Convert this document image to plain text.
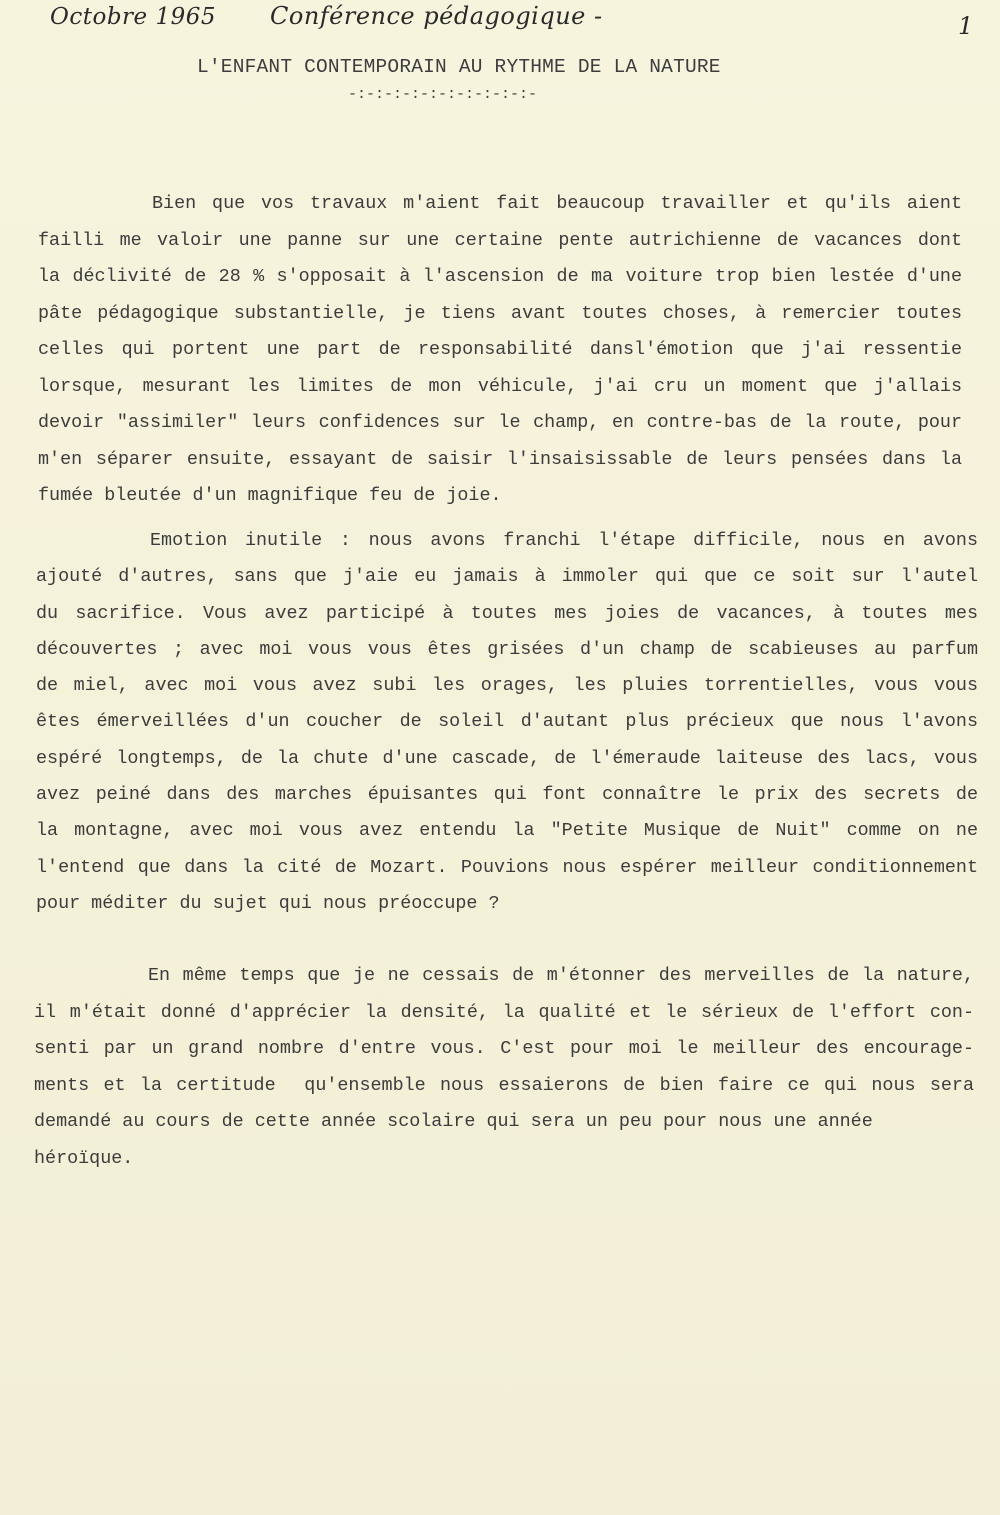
Octobre 1965 Conférence pédagogique -	1
L'ENFANT CONTEMPORAIN AU RYTHME DE LA NATURE
-:-:-:-:-:-:-:-:-:-:-
Bien que vos travaux m'aient fait beaucoup travailler et qu'ils aient
failli me valoir une panne sur une certaine pente autrichienne de vacances dont
la déclivité de 28 % s'opposait à l'ascension de ma voiture trop bien lestée d'une
pâte pédagogique substantielle, je tiens avant toutes choses, à remercier toutes
celles qui portent une part de responsabilité dansl'émotion que j'ai ressentie
lorsque, mesurant les limites de mon véhicule, j'ai cru un moment que j'allais
devoir "assimiler" leurs confidences sur le champ, en contre-bas de la route, pour
m'en séparer ensuite, essayant de saisir l'insaisissable de leurs pensées dans la
fumée bleutée d'un magnifique feu de joie.
Emotion inutile : nous avons franchi l'étape difficile, nous en avons
ajouté d'autres, sans que j'aie eu jamais à immoler qui que ce soit sur l'autel
du sacrifice. Vous avez participé à toutes mes joies de vacances, à toutes mes
découvertes ; avec moi vous vous êtes grisées d'un champ de scabieuses au parfum
de miel, avec moi vous avez subi les orages, les pluies torrentielles, vous vous
êtes émerveillées d'un coucher de soleil d'autant plus précieux que nous l'avons
espéré longtemps, de la chute d'une cascade, de l'émeraude laiteuse des lacs, vous
avez peiné dans des marches épuisantes qui font connaître le prix des secrets de
la montagne, avec moi vous avez entendu la "Petite Musique de Nuit" comme on ne
l'entend que dans la cité de Mozart. Pouvions nous espérer meilleur conditionnement
pour méditer du sujet qui nous préoccupe ?
En même temps que je ne cessais de m'étonner des merveilles de la nature,
il m'était donné d'apprécier la densité, la qualité et le sérieux de l'effort con-
senti par un grand nombre d'entre vous. C'est pour moi le meilleur des encourage-
ments et la certitude  qu'ensemble nous essaierons de bien faire ce qui nous sera
demandé au cours de cette année scolaire qui sera un peu pour nous une année
héroïque.
